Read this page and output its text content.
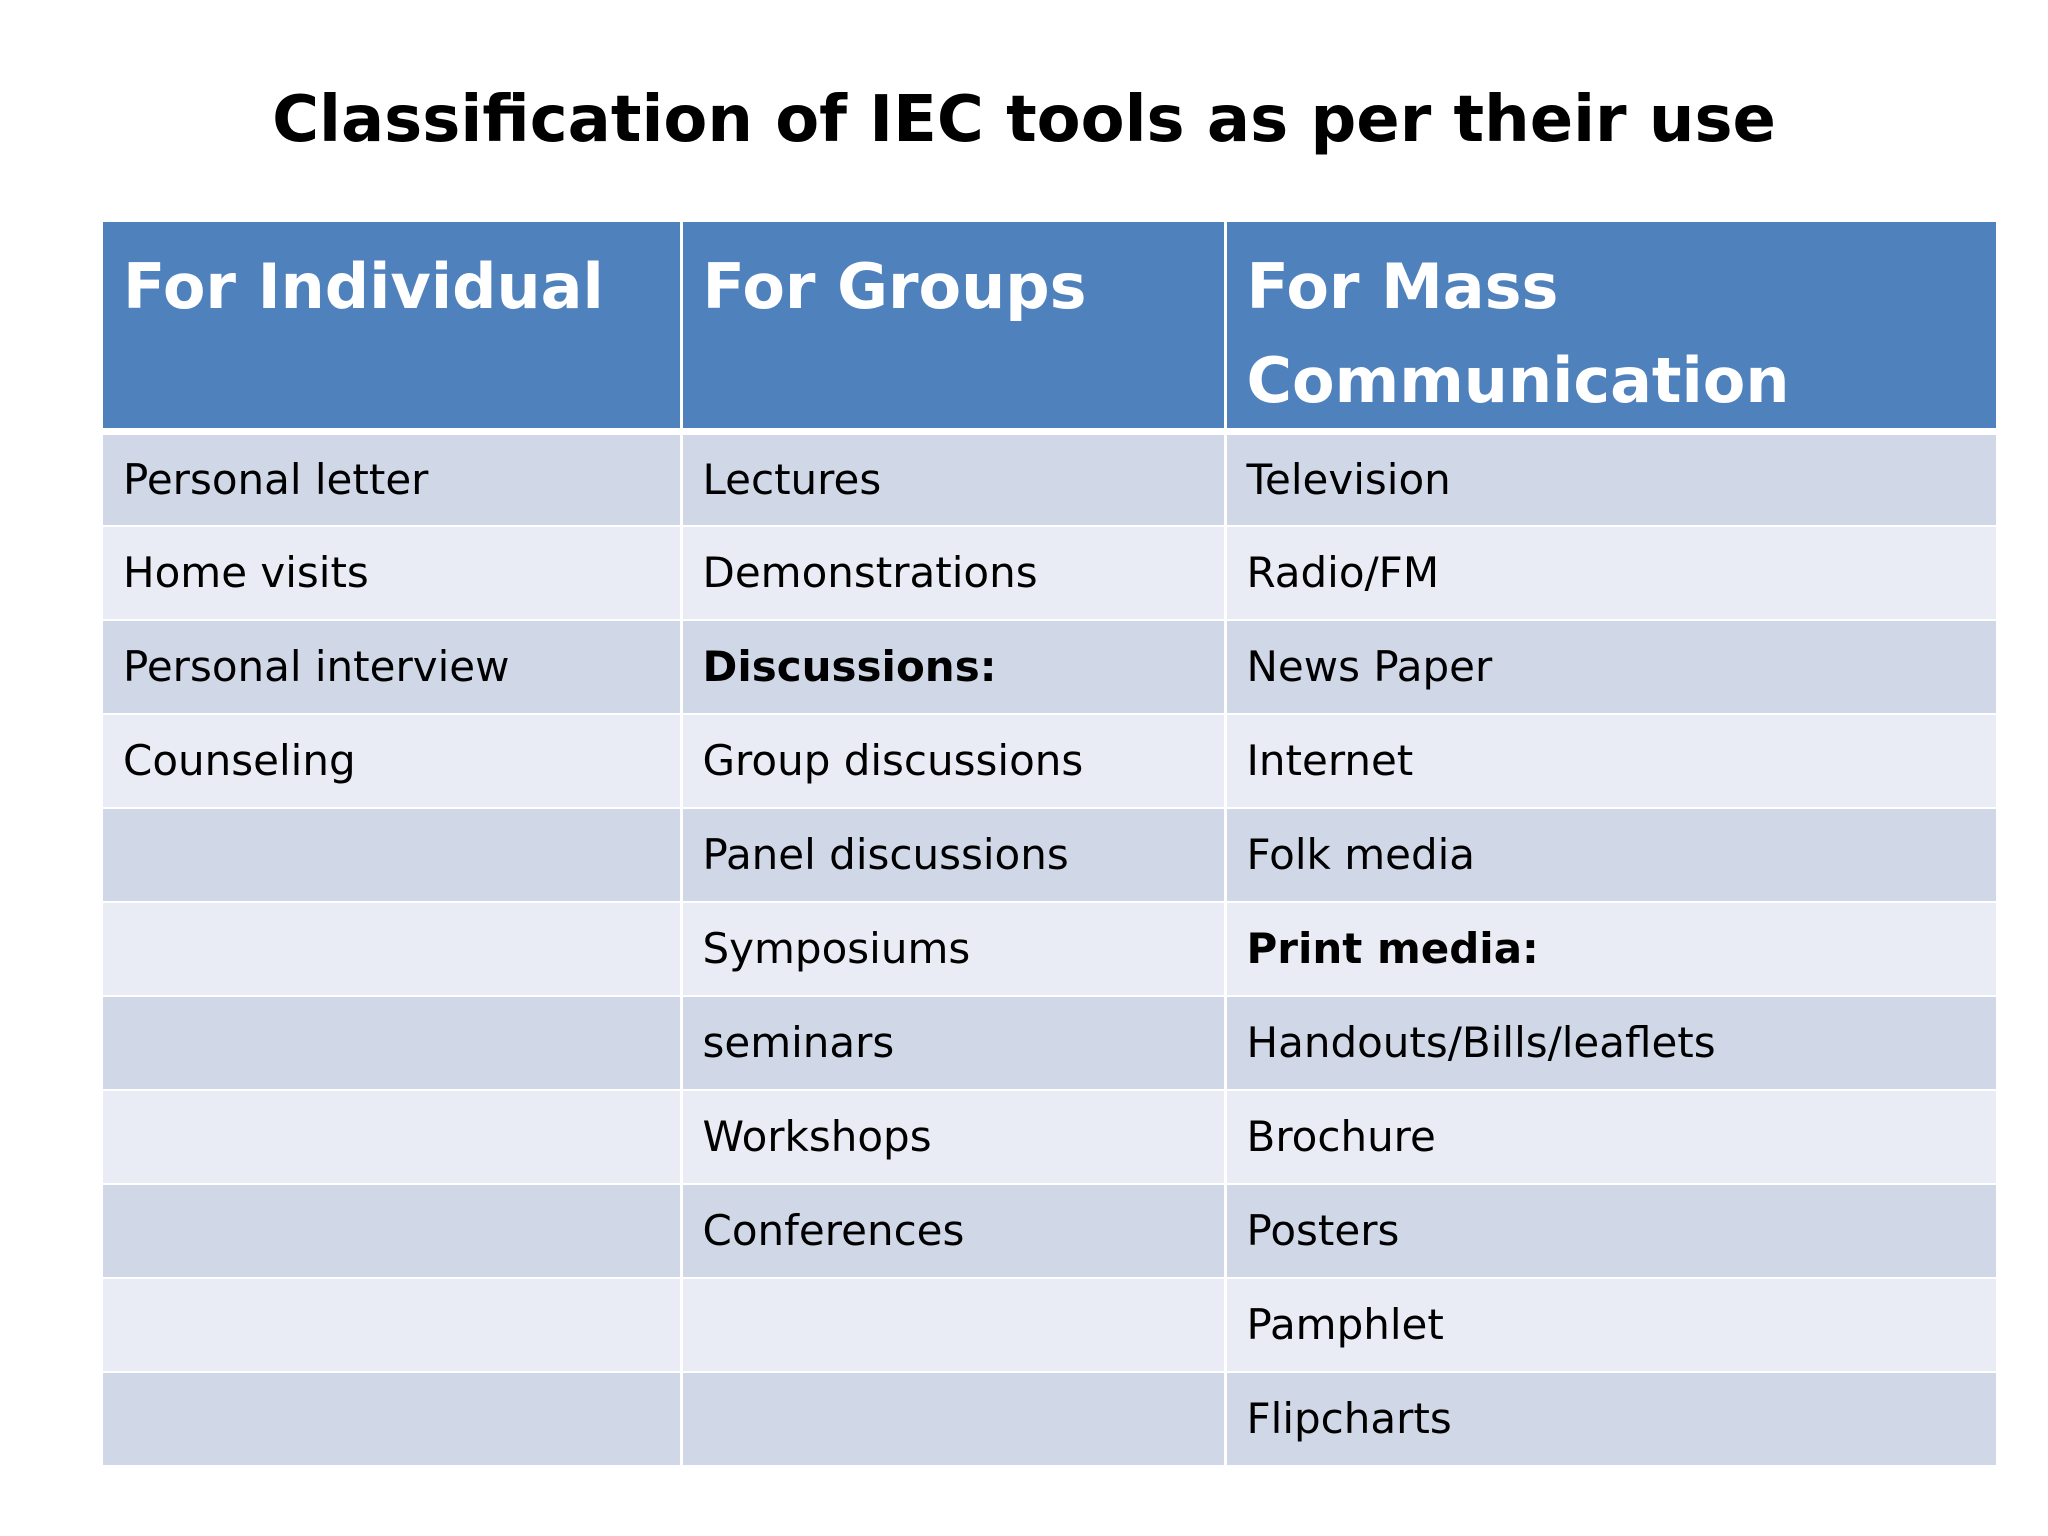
Classification of IEC tools as per their use
For Individual	For Groups	For Mass Communication
Personal letter	Lectures	Television
Home visits	Demonstrations	Radio/FM
Personal interview	Discussions:	News Paper
Counseling	Group discussions	Internet
	Panel discussions	Folk media
	Symposiums	Print media:
	seminars	Handouts/Bills/leaflets
	Workshops	Brochure
	Conferences	Posters
		Pamphlet
		Flipcharts
